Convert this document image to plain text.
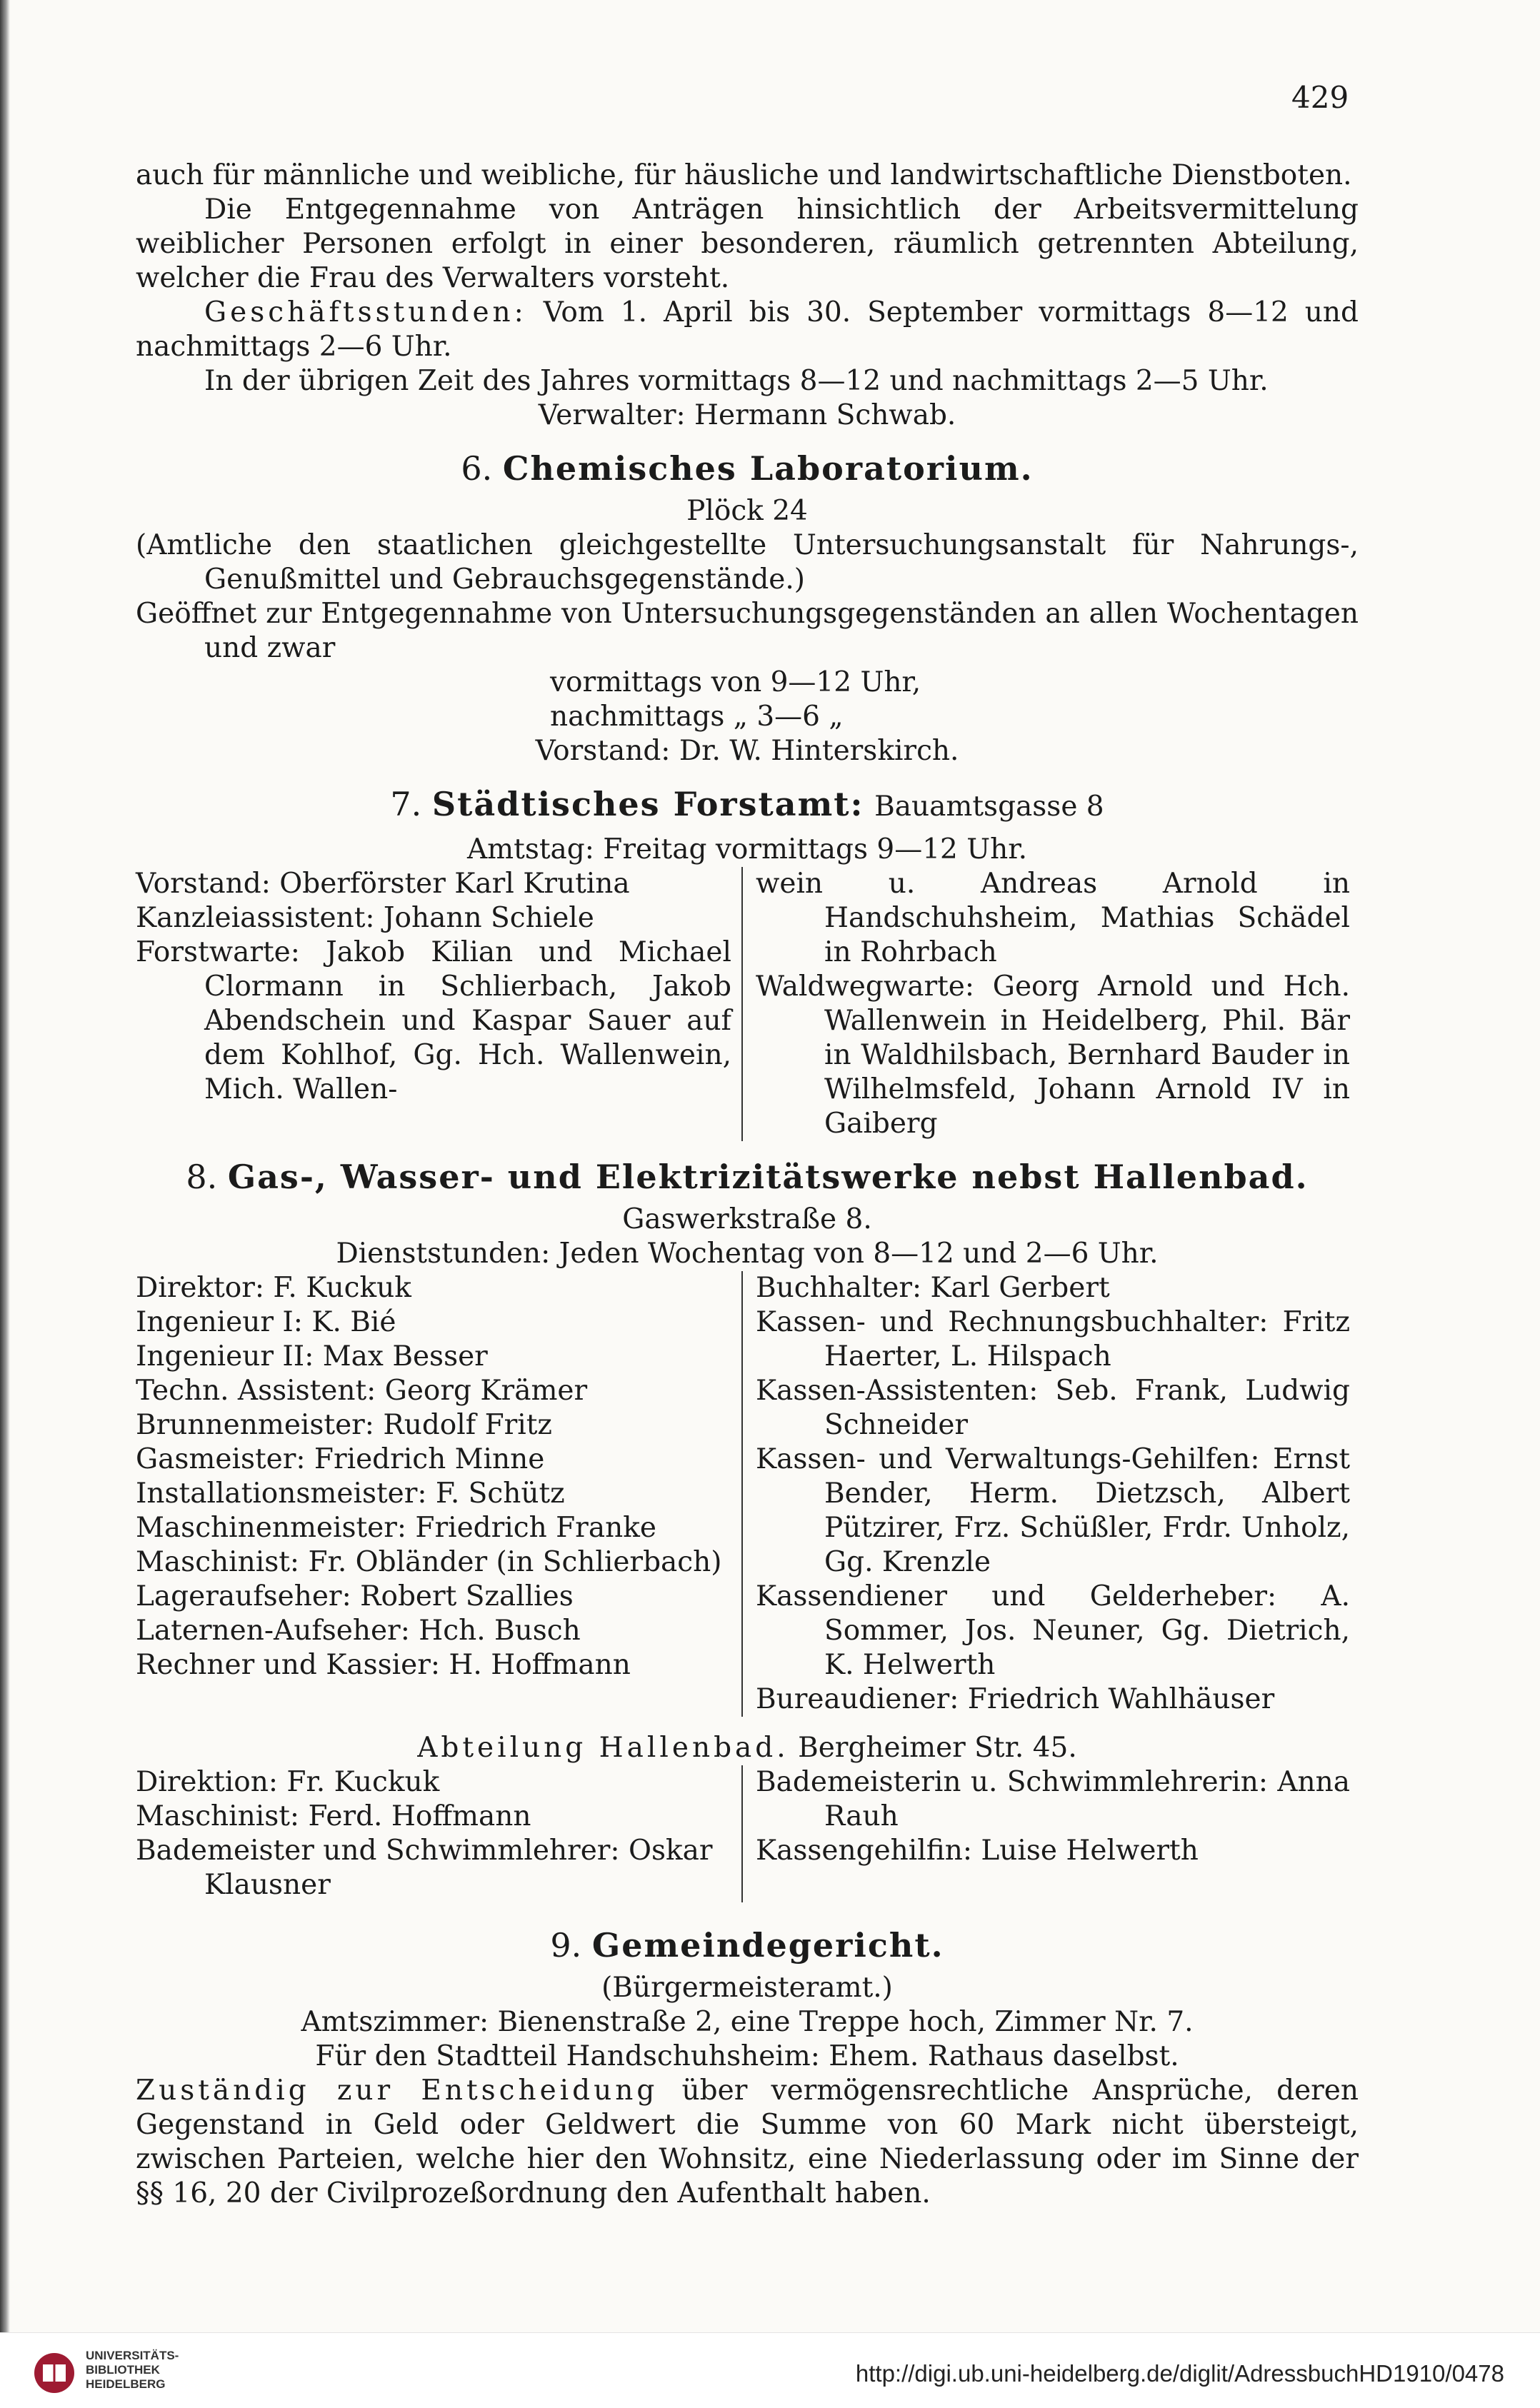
429

auch für männliche und weibliche, für häusliche und landwirtschaftliche Dienstboten.

Die Entgegennahme von Anträgen hinsichtlich der Arbeitsvermittelung weiblicher Personen erfolgt in einer besonderen, räumlich getrennten Abteilung, welcher die Frau des Verwalters vorsteht.

Geschäftsstunden: Vom 1. April bis 30. September vormittags 8—12 und nachmittags 2—6 Uhr.

In der übrigen Zeit des Jahres vormittags 8—12 und nachmittags 2—5 Uhr.

Verwalter: Hermann Schwab.

6. Chemisches Laboratorium.

Plöck 24

(Amtliche den staatlichen gleichgestellte Untersuchungsanstalt für Nahrungs-, Genußmittel und Gebrauchsgegenstände.)

Geöffnet zur Entgegennahme von Untersuchungsgegenständen an allen Wochentagen und zwar

vormittags von 9—12 Uhr,

nachmittags „ 3—6 „

Vorstand: Dr. W. Hinterskirch.

7. Städtisches Forstamt: Bauamtsgasse 8

Amtstag: Freitag vormittags 9—12 Uhr.

Vorstand: Oberförster Karl Krutina

Kanzleiassistent: Johann Schiele

Forstwarte: Jakob Kilian und Michael Clormann in Schlierbach, Jakob Abendschein und Kaspar Sauer auf dem Kohlhof, Gg. Hch. Wallenwein, Mich. Wallen-

wein u. Andreas Arnold in Handschuhsheim, Mathias Schädel in Rohrbach

Waldwegwarte: Georg Arnold und Hch. Wallenwein in Heidelberg, Phil. Bär in Waldhilsbach, Bernhard Bauder in Wilhelmsfeld, Johann Arnold IV in Gaiberg

8. Gas-, Wasser- und Elektrizitätswerke nebst Hallenbad.

Gaswerkstraße 8.

Dienststunden: Jeden Wochentag von 8—12 und 2—6 Uhr.

Direktor: F. Kuckuk

Ingenieur I: K. Bié

Ingenieur II: Max Besser

Techn. Assistent: Georg Krämer

Brunnenmeister: Rudolf Fritz

Gasmeister: Friedrich Minne

Installationsmeister: F. Schütz

Maschinenmeister: Friedrich Franke

Maschinist: Fr. Obländer (in Schlierbach)

Lageraufseher: Robert Szallies

Laternen-Aufseher: Hch. Busch

Rechner und Kassier: H. Hoffmann

Buchhalter: Karl Gerbert

Kassen- und Rechnungsbuchhalter: Fritz Haerter, L. Hilspach

Kassen-Assistenten: Seb. Frank, Ludwig Schneider

Kassen- und Verwaltungs-Gehilfen: Ernst Bender, Herm. Dietzsch, Albert Pützirer, Frz. Schüßler, Frdr. Unholz, Gg. Krenzle

Kassendiener und Gelderheber: A. Sommer, Jos. Neuner, Gg. Dietrich, K. Helwerth

Bureaudiener: Friedrich Wahlhäuser

Abteilung Hallenbad. Bergheimer Str. 45.

Direktion: Fr. Kuckuk

Maschinist: Ferd. Hoffmann

Bademeister und Schwimmlehrer: Oskar Klausner

Bademeisterin u. Schwimmlehrerin: Anna Rauh

Kassengehilfin: Luise Helwerth

9. Gemeindegericht.

(Bürgermeisteramt.)

Amtszimmer: Bienenstraße 2, eine Treppe hoch, Zimmer Nr. 7.

Für den Stadtteil Handschuhsheim: Ehem. Rathaus daselbst.

Zuständig zur Entscheidung über vermögensrechtliche Ansprüche, deren Gegenstand in Geld oder Geldwert die Summe von 60 Mark nicht übersteigt, zwischen Parteien, welche hier den Wohnsitz, eine Niederlassung oder im Sinne der §§ 16, 20 der Civilprozeßordnung den Aufenthalt haben.

UNIVERSITÄTS-
BIBLIOTHEK
HEIDELBERG	http://digi.ub.uni-heidelberg.de/diglit/AdressbuchHD1910/0478
